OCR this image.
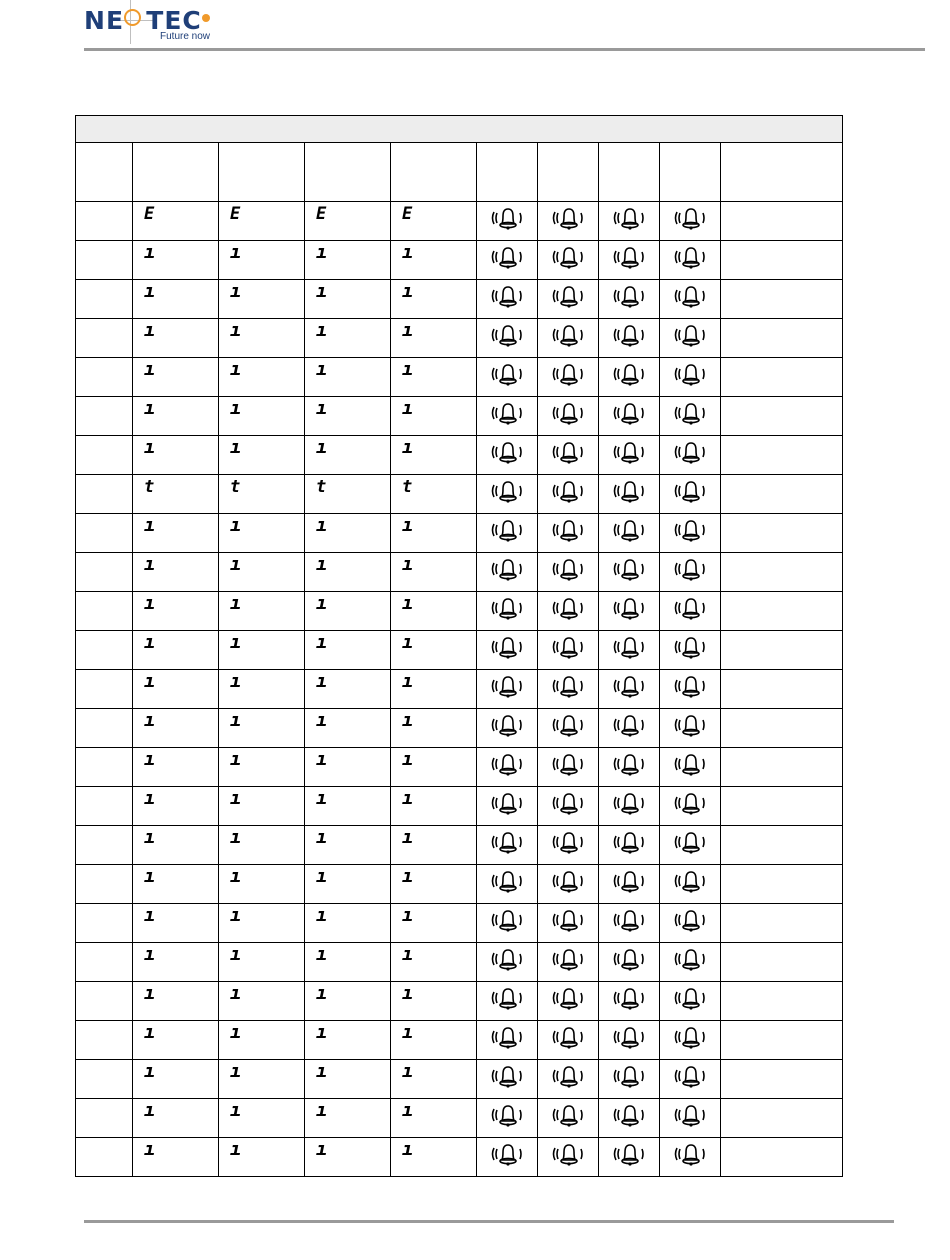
NE TEC
Future now

	E	E	E	E	

	ı	ı	ı	ı	

	ı	ı	ı	ı	

	ı	ı	ı	ı	

	ı	ı	ı	ı	

	ı	ı	ı	ı	

	ı	ı	ı	ı	

	t	t	t	t	

	ı	ı	ı	ı	

	ı	ı	ı	ı	

	ı	ı	ı	ı	

	ı	ı	ı	ı	

	ı	ı	ı	ı	

	ı	ı	ı	ı	

	ı	ı	ı	ı	

	ı	ı	ı	ı	

	ı	ı	ı	ı	

	ı	ı	ı	ı	

	ı	ı	ı	ı	

	ı	ı	ı	ı	

	ı	ı	ı	ı	

	ı	ı	ı	ı	

	ı	ı	ı	ı	

	ı	ı	ı	ı	

	ı	ı	ı	ı	
